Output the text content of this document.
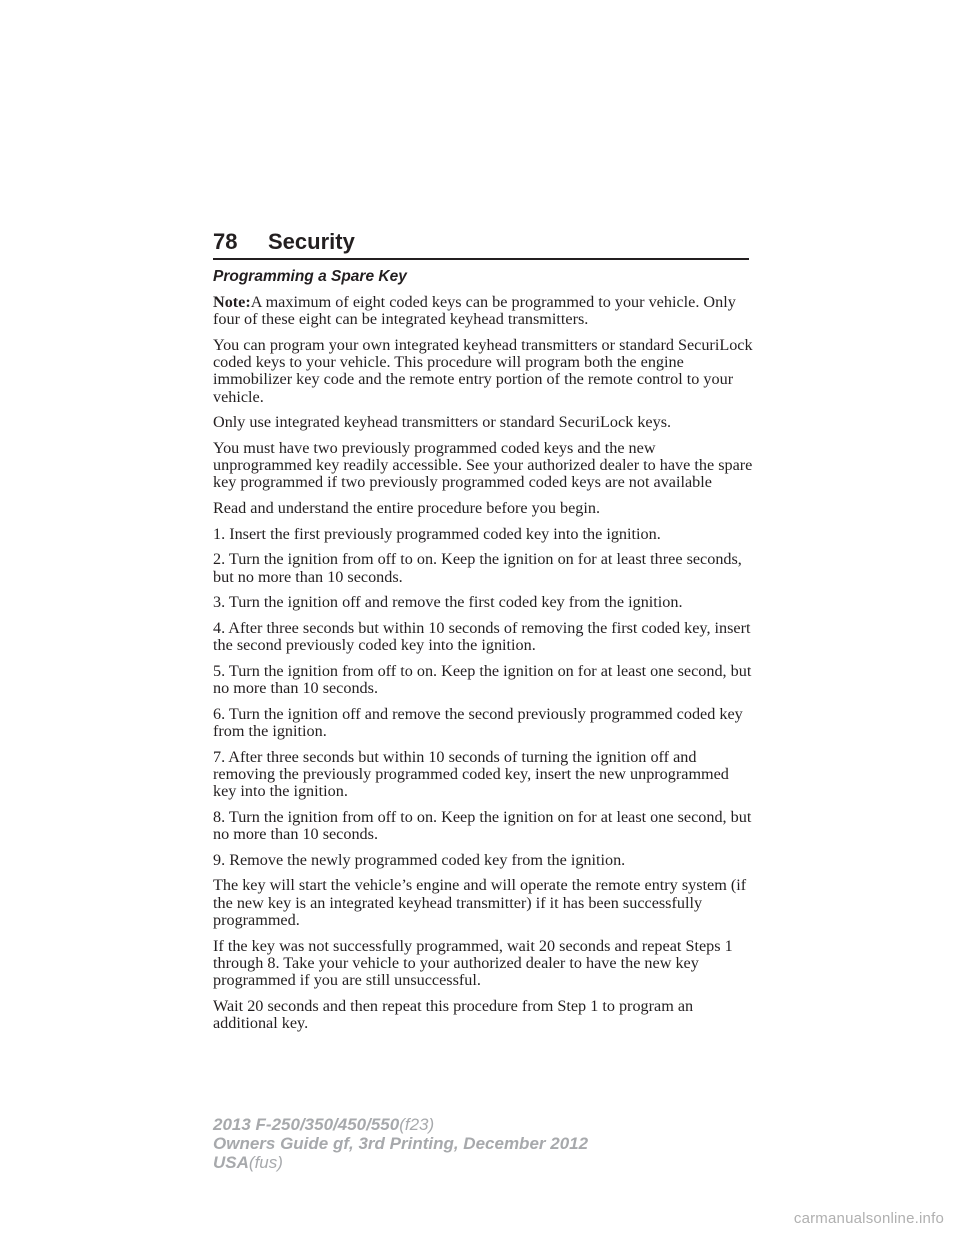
78 Security
Programming a Spare Key

Note:A maximum of eight coded keys can be programmed to your vehicle. Only four of these eight can be integrated keyhead transmitters.

You can program your own integrated keyhead transmitters or standard SecuriLock coded keys to your vehicle. This procedure will program both the engine immobilizer key code and the remote entry portion of the remote control to your vehicle.

Only use integrated keyhead transmitters or standard SecuriLock keys.

You must have two previously programmed coded keys and the new unprogrammed key readily accessible. See your authorized dealer to have the spare key programmed if two previously programmed coded keys are not available

Read and understand the entire procedure before you begin.

1. Insert the first previously programmed coded key into the ignition.

2. Turn the ignition from off to on. Keep the ignition on for at least three seconds, but no more than 10 seconds.

3. Turn the ignition off and remove the first coded key from the ignition.

4. After three seconds but within 10 seconds of removing the first coded key, insert the second previously coded key into the ignition.

5. Turn the ignition from off to on. Keep the ignition on for at least one second, but no more than 10 seconds.

6. Turn the ignition off and remove the second previously programmed coded key from the ignition.

7. After three seconds but within 10 seconds of turning the ignition off and removing the previously programmed coded key, insert the new unprogrammed key into the ignition.

8. Turn the ignition from off to on. Keep the ignition on for at least one second, but no more than 10 seconds.

9. Remove the newly programmed coded key from the ignition.

The key will start the vehicle’s engine and will operate the remote entry system (if the new key is an integrated keyhead transmitter) if it has been successfully programmed.

If the key was not successfully programmed, wait 20 seconds and repeat Steps 1 through 8. Take your vehicle to your authorized dealer to have the new key programmed if you are still unsuccessful.

Wait 20 seconds and then repeat this procedure from Step 1 to program an additional key.

2013 F-250/350/450/550(f23)
Owners Guide gf, 3rd Printing, December 2012
USA(fus)
carmanualsonline.info
